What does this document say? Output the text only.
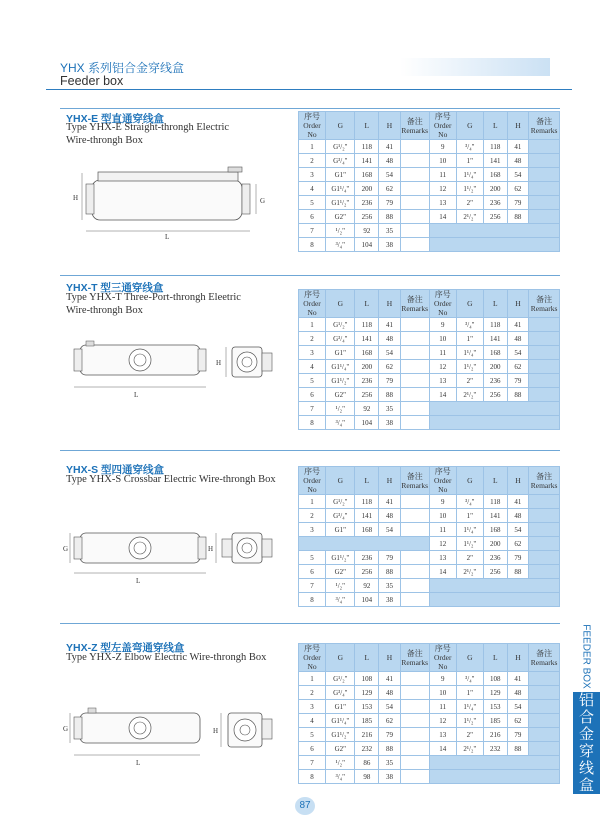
YHX 系列铝合金穿线盒
Feeder box
YHX-E 型直通穿线盒
Type YHX-E Straight-throngh Electric
Wire-throngh Box
H	G
L
序号
Order No	G	L	H	备注
Remarks	序号
Order No	G	L	H	备注
Remarks
1	G¹/₂"	118	41		9	³/₄"	118	41	
2	G³/₄"	141	48		10	1"	141	48	
3	G1"	168	54		11	1¹/₄"	168	54	
4	G1¹/₄"	200	62		12	1¹/₂"	200	62	
5	G1¹/₂"	236	79		13	2"	236	79	
6	G2"	256	88		14	2¹/₂"	256	88	
7	¹/₂"	92	35						
8	³/₄"	104	38						
YHX-T 型三通穿线盒
Type YHX-T Three-Port-throngh Eleetric
Wire-throngh Box
L
H
序号
Order No	G	L	H	备注
Remarks	序号
Order No	G	L	H	备注
Remarks
1	G¹/₂"	118	41		9	³/₄"	118	41	
2	G³/₄"	141	48		10	1"	141	48	
3	G1"	168	54		11	1¹/₄"	168	54	
4	G1¹/₄"	200	62		12	1¹/₂"	200	62	
5	G1¹/₂"	236	79		13	2"	236	79	
6	G2"	256	88		14	2¹/₂"	256	88	
7	¹/₂"	92	35						
8	³/₄"	104	38						
YHX-S 型四通穿线盒
Type YHX-S Crossbar Electric Wire-throngh Box
G
L
H
序号
Order No	G	L	H	备注
Remarks	序号
Order No	G	L	H	备注
Remarks
1	G¹/₂"	118	41		9	³/₄"	118	41	
2	G³/₄"	141	48		10	1"	141	48	
3	G1"	168	54		11	1¹/₄"	168	54	
					12	1¹/₂"	200	62	
5	G1¹/₂"	236	79		13	2"	236	79	
6	G2"	256	88		14	2¹/₂"	256	88	
7	¹/₂"	92	35						
8	³/₄"	104	38						
YHX-Z 型左盖弯通穿线盒
Type YHX-Z Elbow Electric Wire-throngh Box
G
L
H
序号
Order No	G	L	H	备注
Remarks	序号
Order No	G	L	H	备注
Remarks
1	G¹/₂"	108	41		9	³/₄"	108	41	
2	G³/₄"	129	48		10	1"	129	48	
3	G1"	153	54		11	1¹/₄"	153	54	
4	G1¹/₄"	185	62		12	1¹/₂"	185	62	
5	G1¹/₂"	216	79		13	2"	216	79	
6	G2"	232	88		14	2¹/₂"	232	88	
7	¹/₂"	86	35						
8	³/₄"	98	38						
FEEDER BOX
铝合金穿线盒
87
